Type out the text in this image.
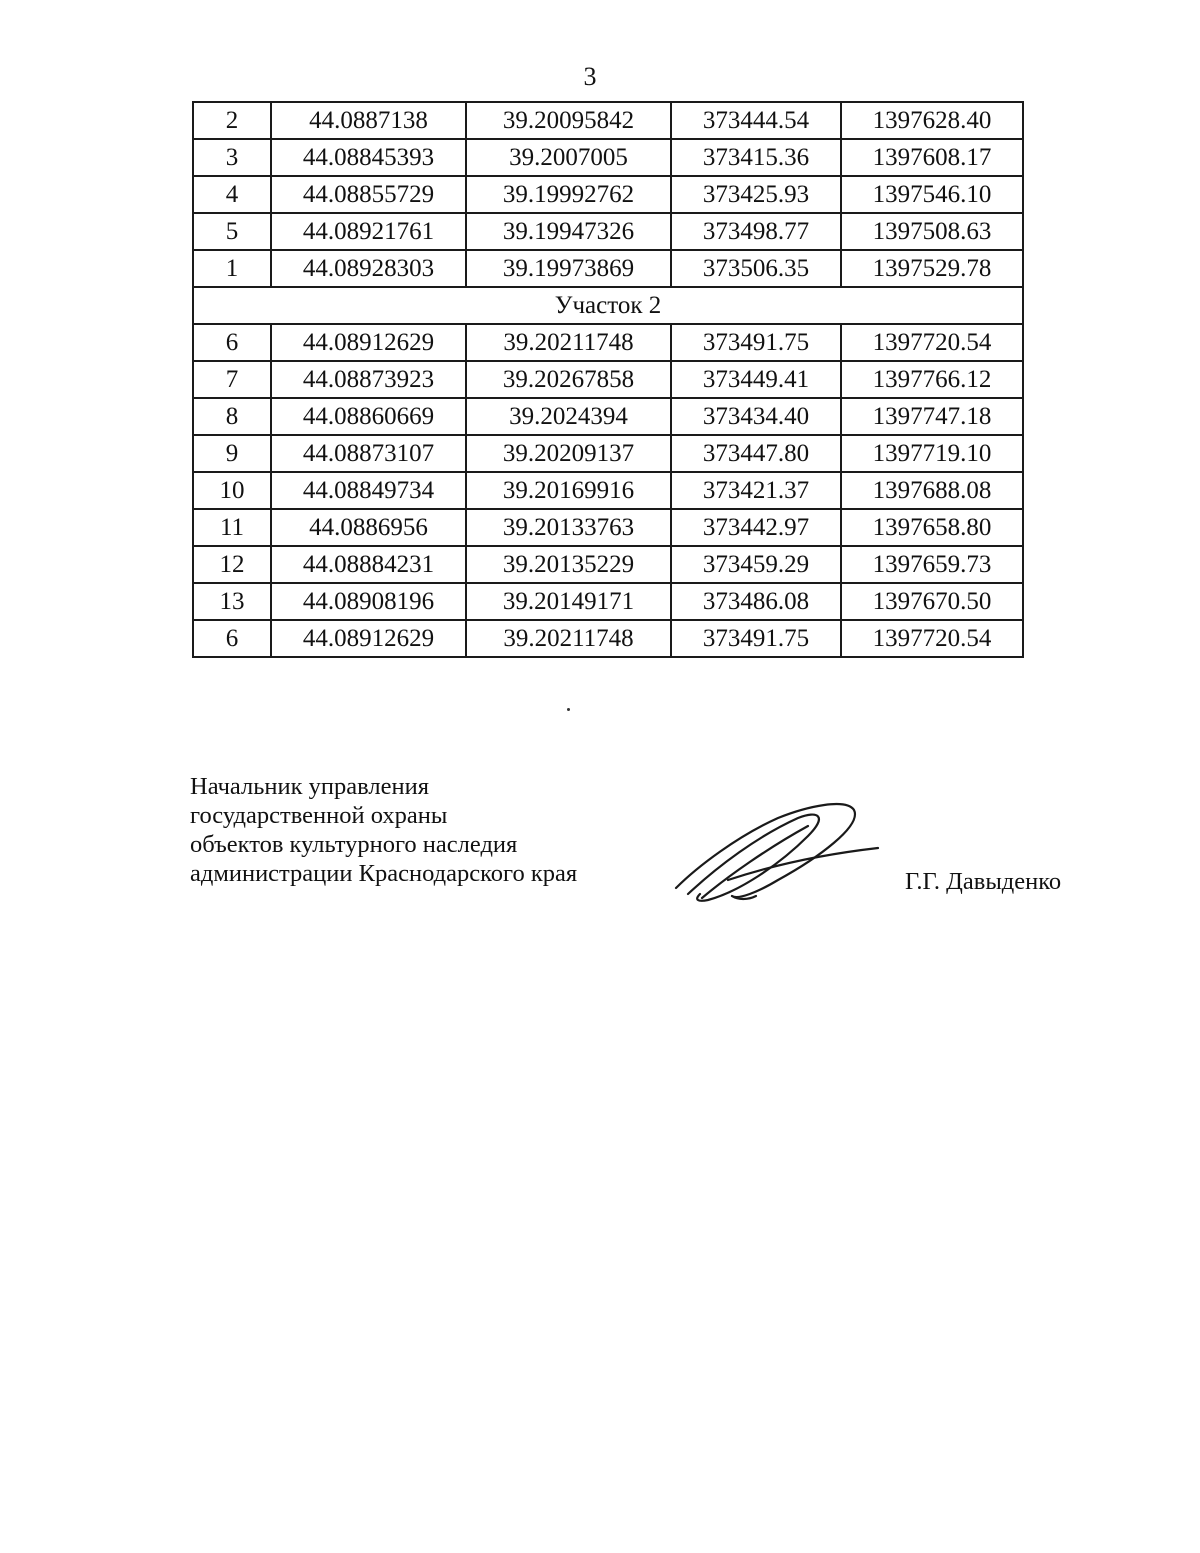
3
2	44.0887138	39.20095842	373444.54	1397628.40
3	44.08845393	39.2007005	373415.36	1397608.17
4	44.08855729	39.19992762	373425.93	1397546.10
5	44.08921761	39.19947326	373498.77	1397508.63
1	44.08928303	39.19973869	373506.35	1397529.78
Участок 2				
6	44.08912629	39.20211748	373491.75	1397720.54
7	44.08873923	39.20267858	373449.41	1397766.12
8	44.08860669	39.2024394	373434.40	1397747.18
9	44.08873107	39.20209137	373447.80	1397719.10
10	44.08849734	39.20169916	373421.37	1397688.08
11	44.0886956	39.20133763	373442.97	1397658.80
12	44.08884231	39.20135229	373459.29	1397659.73
13	44.08908196	39.20149171	373486.08	1397670.50
6	44.08912629	39.20211748	373491.75	1397720.54
Начальник управления
государственной охраны
объектов культурного наследия
администрации Краснодарского края	Г.Г. Давыденко
